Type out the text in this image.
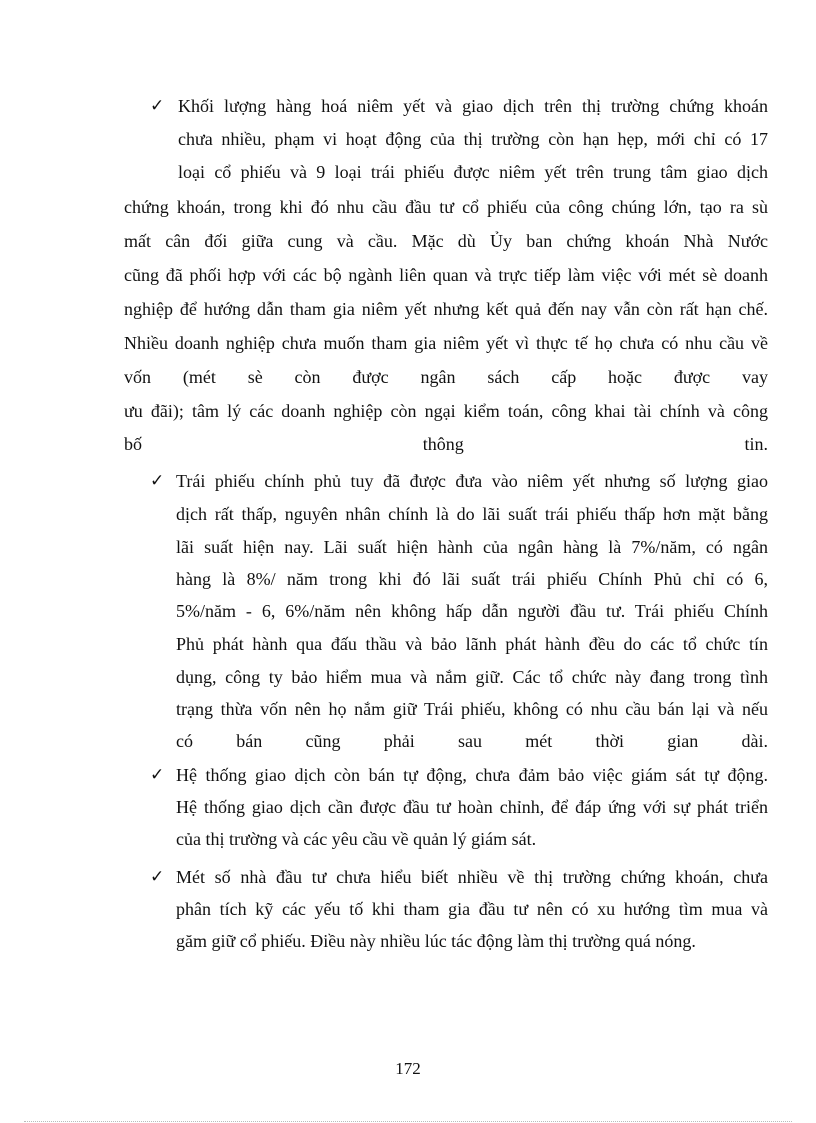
✓ Khối lượng hàng hoá niêm yết và giao dịch trên thị trường chứng khoán
chưa nhiều, phạm vi hoạt động của thị trường còn hạn hẹp, mới chỉ có 17
loại cổ phiếu và 9 loại trái phiếu được niêm yết trên trung tâm giao dịch
chứng khoán, trong khi đó nhu cầu đầu tư cổ phiếu của công chúng lớn, tạo ra sù
mất cân đối giữa cung và cầu. Mặc dù Ủy ban chứng khoán Nhà Nước
cũng đã phối hợp với các bộ ngành liên quan và trực tiếp làm việc với mét sè doanh
nghiệp để hướng dẫn tham gia niêm yết nhưng kết quả đến nay vẫn còn rất hạn chế.
Nhiều doanh nghiệp chưa muốn tham gia niêm yết vì thực tế họ chưa có nhu cầu về
vốn (mét sè còn được ngân sách cấp hoặc được vay
ưu đãi); tâm lý các doanh nghiệp còn ngại kiểm toán, công khai tài chính và công
bố thông tin.
✓ Trái phiếu chính phủ tuy đã được đưa vào niêm yết nhưng số lượng giao
dịch rất thấp, nguyên nhân chính là do lãi suất trái phiếu thấp hơn mặt bằng
lãi suất hiện nay. Lãi suất hiện hành của ngân hàng là 7%/năm, có ngân
hàng là 8%/ năm trong khi đó lãi suất trái phiếu Chính Phủ chỉ có 6,
5%/năm - 6, 6%/năm nên không hấp dẫn người đầu tư. Trái phiếu Chính
Phủ phát hành qua đấu thầu và bảo lãnh phát hành đều do các tổ chức tín
dụng, công ty bảo hiểm mua và nắm giữ. Các tổ chức này đang trong tình
trạng thừa vốn nên họ nắm giữ Trái phiếu, không có nhu cầu bán lại và nếu
có bán cũng phải sau mét thời gian dài.
✓ Hệ thống giao dịch còn bán tự động, chưa đảm bảo việc giám sát tự động.
Hệ thống giao dịch cần được đầu tư hoàn chỉnh, để đáp ứng với sự phát triển
của thị trường và các yêu cầu về quản lý giám sát.
✓ Mét số nhà đầu tư chưa hiểu biết nhiều về thị trường chứng khoán, chưa
phân tích kỹ các yếu tố khi tham gia đầu tư nên có xu hướng tìm mua và
găm giữ cổ phiếu. Điều này nhiều lúc tác động làm thị trường quá nóng.
172
